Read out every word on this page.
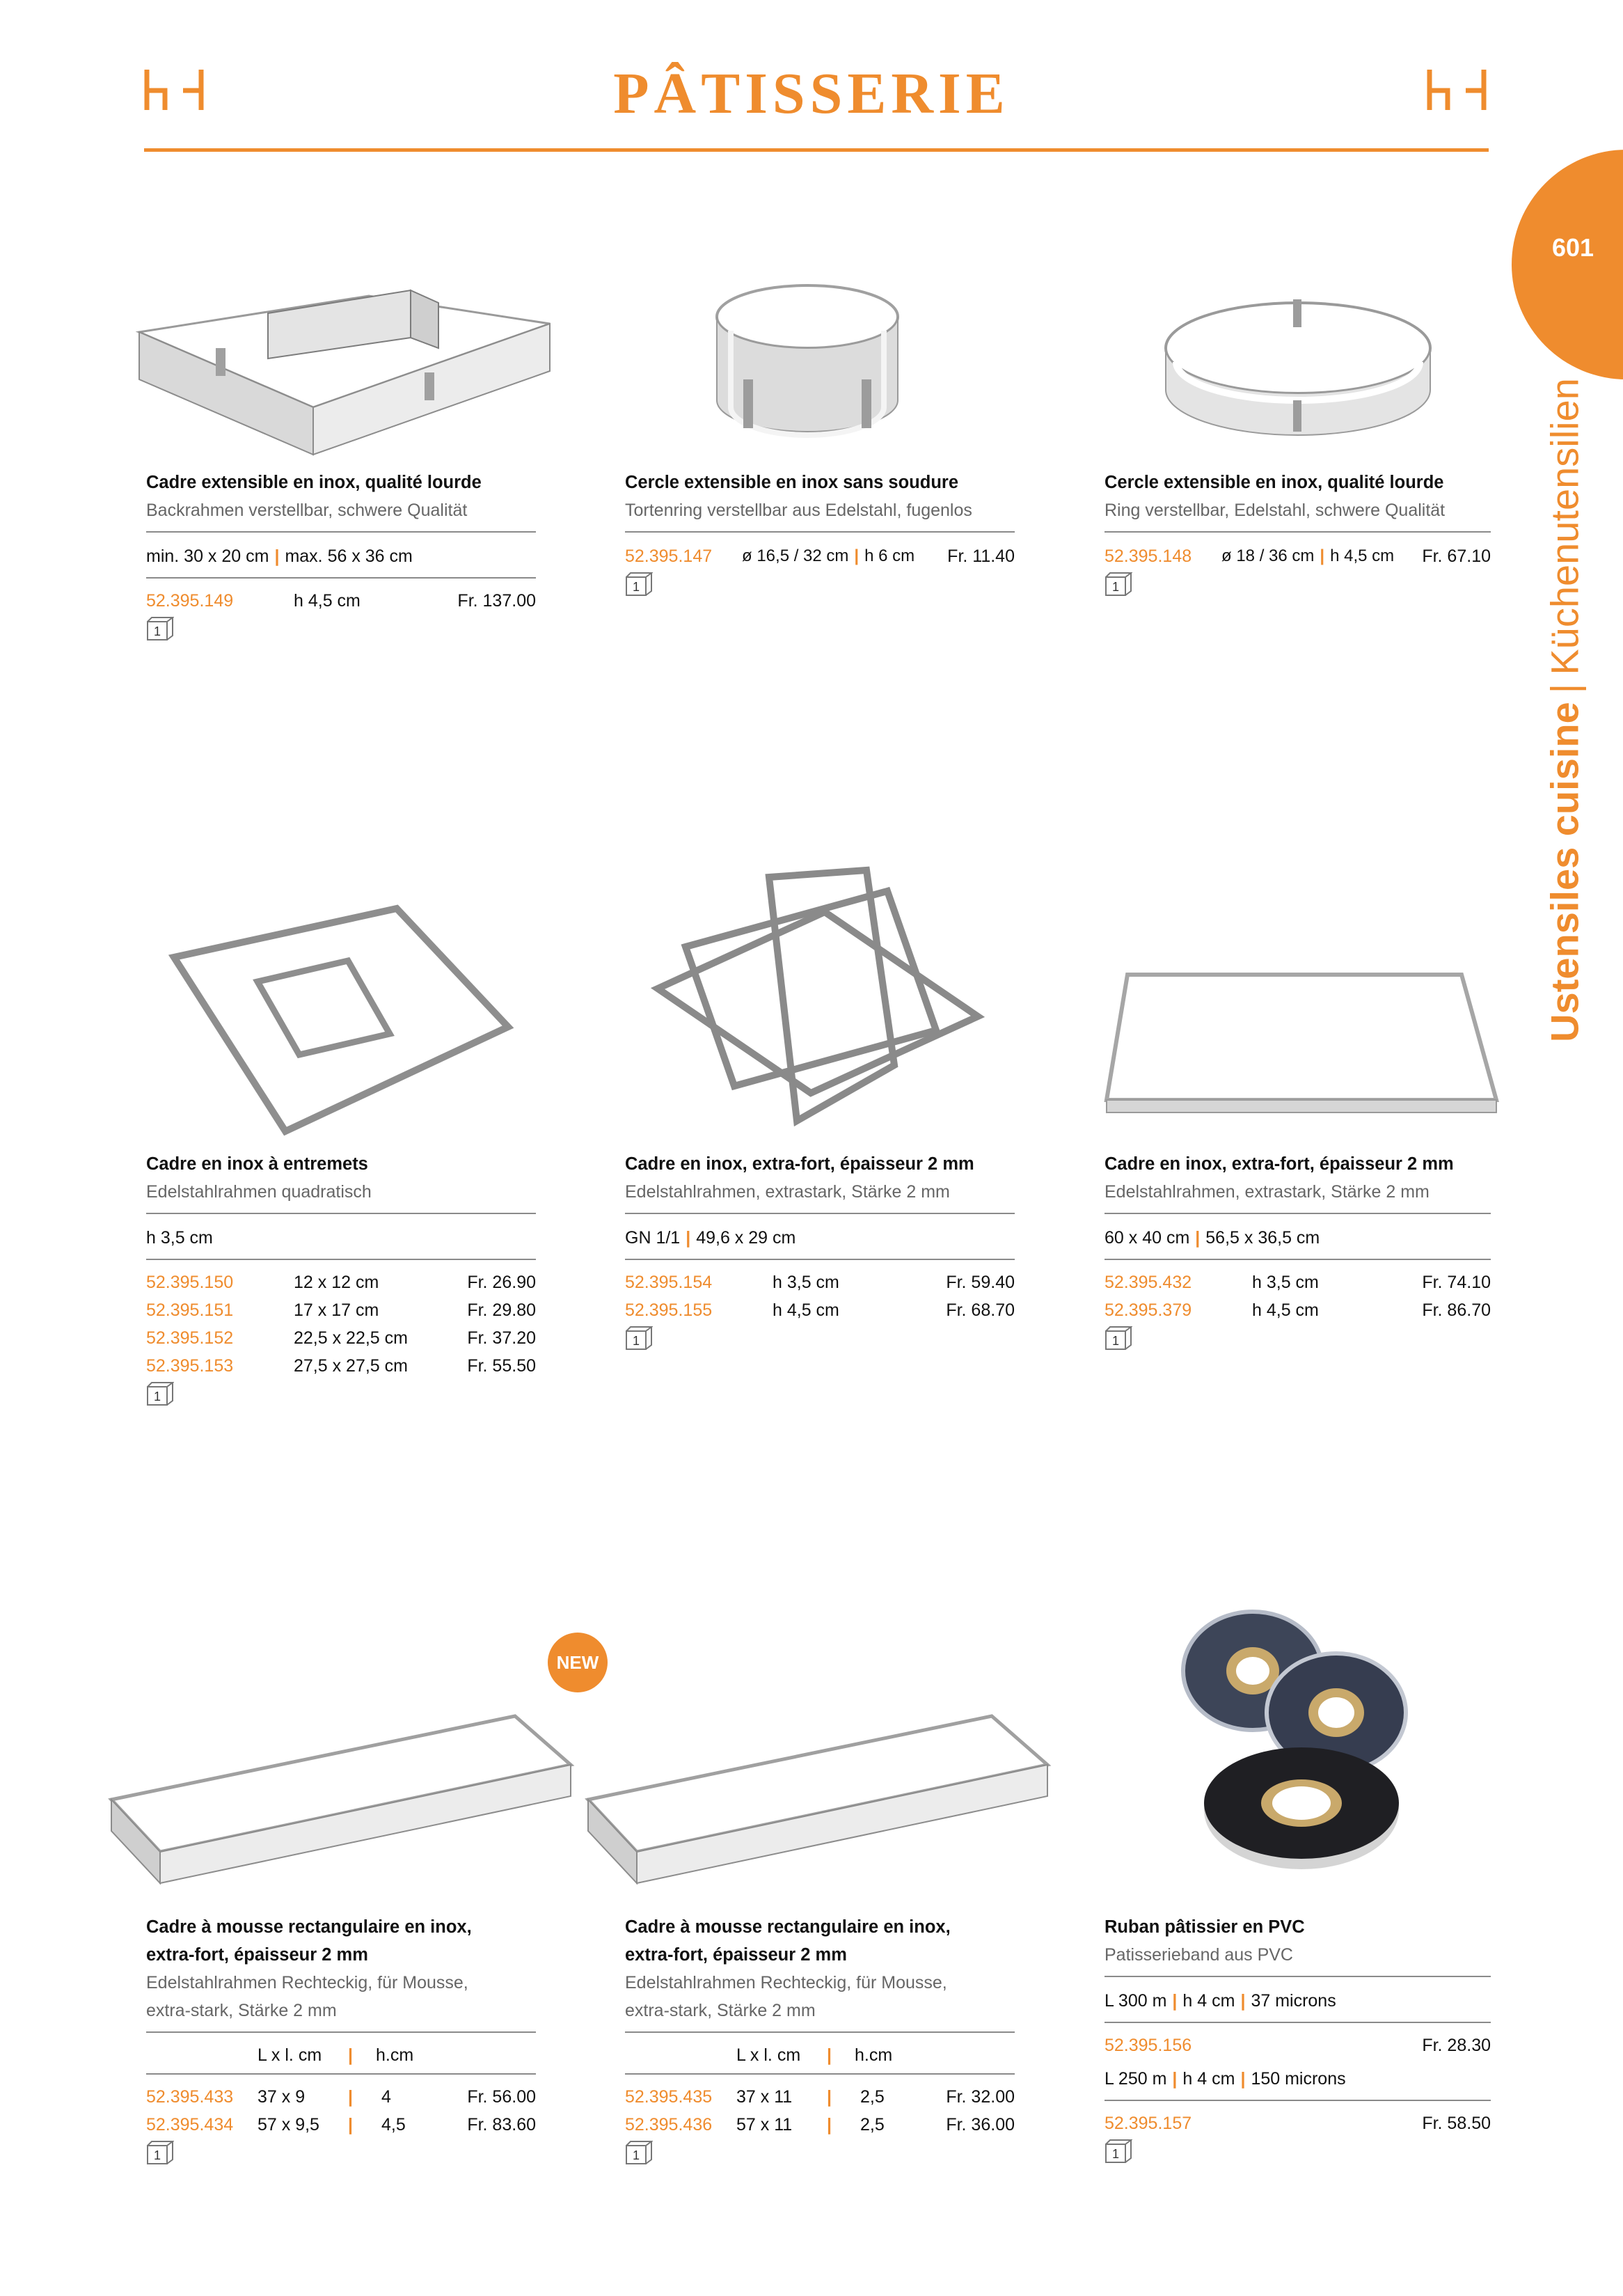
PÂTISSERIE
601
Ustensiles cuisine|Küchenutensilien
NEW
Cadre extensible en inox, qualité lourde
Backrahmen verstellbar, schwere Qualität
min. 30 x 20 cm | max. 56 x 36 cm
52.395.149	h 4,5 cm	Fr. 137.00
1
Cercle extensible en inox sans soudure
Tortenring verstellbar aus Edelstahl, fugenlos
52.395.147	ø 16,5 / 32 cm | h 6 cm	Fr. 11.40
1
Cercle extensible en inox, qualité lourde
Ring verstellbar, Edelstahl, schwere Qualität
52.395.148	ø 18 / 36 cm | h 4,5 cm	Fr. 67.10
1
Cadre en inox à entremets
Edelstahlrahmen quadratisch
h 3,5 cm
52.395.150	12 x 12 cm	Fr. 26.90
52.395.151	17 x 17 cm	Fr. 29.80
52.395.152	22,5 x 22,5 cm	Fr. 37.20
52.395.153	27,5 x 27,5 cm	Fr. 55.50
1
Cadre en inox, extra-fort, épaisseur 2 mm
Edelstahlrahmen, extrastark, Stärke 2 mm
GN 1/1 | 49,6 x 29 cm
52.395.154	h 3,5 cm	Fr. 59.40
52.395.155	h 4,5 cm	Fr. 68.70
1
Cadre en inox, extra-fort, épaisseur 2 mm
Edelstahlrahmen, extrastark, Stärke 2 mm
60 x 40 cm | 56,5 x 36,5 cm
52.395.432	h 3,5 cm	Fr. 74.10
52.395.379	h 4,5 cm	Fr. 86.70
1
Cadre à mousse rectangulaire en inox,
extra-fort, épaisseur 2 mm
Edelstahlrahmen Rechteckig, für Mousse,
extra-stark, Stärke 2 mm
L x l. cm	|	h.cm
52.395.433	37 x 9	|	4	Fr. 56.00
52.395.434	57 x 9,5	|	4,5	Fr. 83.60
1
Cadre à mousse rectangulaire en inox,
extra-fort, épaisseur 2 mm
Edelstahlrahmen Rechteckig, für Mousse,
extra-stark, Stärke 2 mm
L x l. cm	|	h.cm
52.395.435	37 x 11	|	2,5	Fr. 32.00
52.395.436	57 x 11	|	2,5	Fr. 36.00
1
Ruban pâtissier en PVC
Patisserieband aus PVC
L 300 m | h 4 cm | 37 microns
52.395.156	Fr. 28.30
L 250 m | h 4 cm | 150 microns
52.395.157	Fr. 58.50
1
